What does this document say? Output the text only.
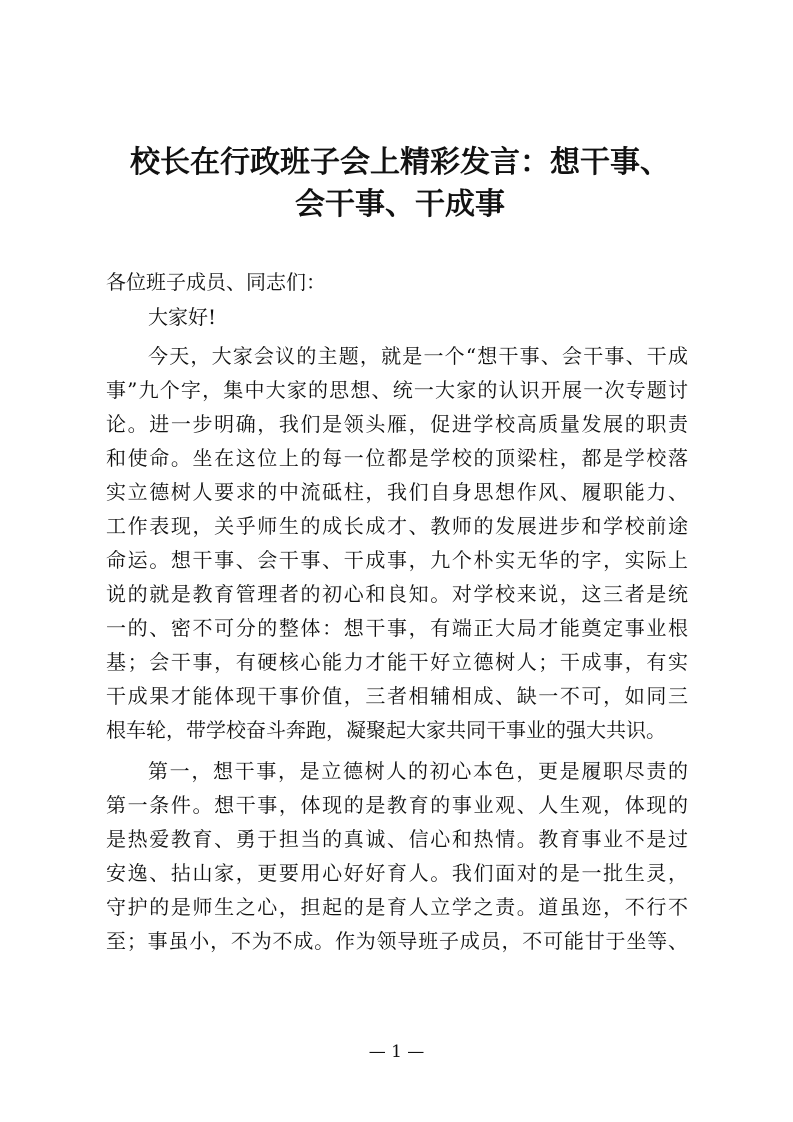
校长在行政班子会上精彩发言：想干事、
会干事、干成事

各位班子成员、同志们：

大家好!

今天，大家会议的主题，就是一个“想干事、会干事、干成

事”九个字，集中大家的思想、统一大家的认识开展一次专题讨

论。进一步明确，我们是领头雁，促进学校高质量发展的职责

和使命。坐在这位上的每一位都是学校的顶梁柱，都是学校落

实立德树人要求的中流砥柱，我们自身思想作风、履职能力、

工作表现，关乎师生的成长成才、教师的发展进步和学校前途

命运。想干事、会干事、干成事，九个朴实无华的字，实际上

说的就是教育管理者的初心和良知。对学校来说，这三者是统

一的、密不可分的整体：想干事，有端正大局才能奠定事业根

基；会干事，有硬核心能力才能干好立德树人；干成事，有实

干成果才能体现干事价值，三者相辅相成、缺一不可，如同三

根车轮，带学校奋斗奔跑，凝聚起大家共同干事业的强大共识。

第一，想干事，是立德树人的初心本色，更是履职尽责的

第一条件。想干事，体现的是教育的事业观、人生观，体现的

是热爱教育、勇于担当的真诚、信心和热情。教育事业不是过

安逸、拈山家，更要用心好好育人。我们面对的是一批生灵，

守护的是师生之心，担起的是育人立学之责。道虽迩，不行不

至；事虽小，不为不成。作为领导班子成员，不可能甘于坐等、

— 1 —
